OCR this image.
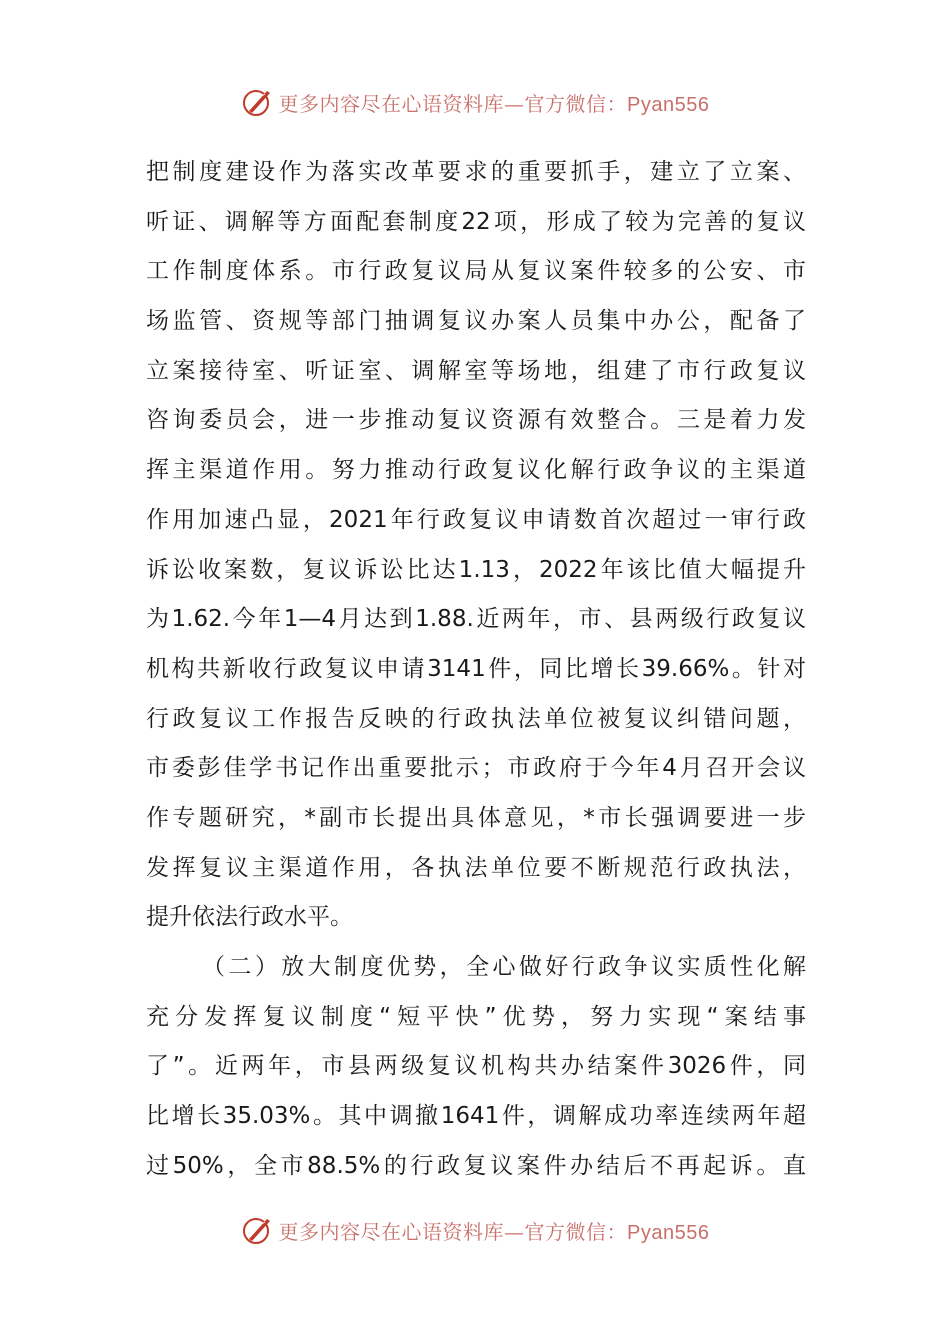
更多内容尽在心语资料库—官方微信：Pyan556
把制度建设作为落实改革要求的重要抓手，建立了立案、
听证、调解等方面配套制度22项，形成了较为完善的复议
工作制度体系。市行政复议局从复议案件较多的公安、市
场监管、资规等部门抽调复议办案人员集中办公，配备了
立案接待室、听证室、调解室等场地，组建了市行政复议
咨询委员会，进一步推动复议资源有效整合。三是着力发
挥主渠道作用。努力推动行政复议化解行政争议的主渠道
作用加速凸显，2021年行政复议申请数首次超过一审行政
诉讼收案数，复议诉讼比达1.13，2022年该比值大幅提升
为1.62.今年1—4月达到1.88.近两年，市、县两级行政复议
机构共新收行政复议申请3141件，同比增长39.66%。针对
行政复议工作报告反映的行政执法单位被复议纠错问题，
市委彭佳学书记作出重要批示；市政府于今年4月召开会议
作专题研究，*副市长提出具体意见，*市长强调要进一步
发挥复议主渠道作用，各执法单位要不断规范行政执法，
提升依法行政水平。
（二）放大制度优势，全心做好行政争议实质性化解
充分发挥复议制度“短平快”优势，努力实现“案结事
了”。近两年，市县两级复议机构共办结案件3026件，同
比增长35.03%。其中调撤1641件，调解成功率连续两年超
过50%，全市88.5%的行政复议案件办结后不再起诉。直
更多内容尽在心语资料库—官方微信：Pyan556
